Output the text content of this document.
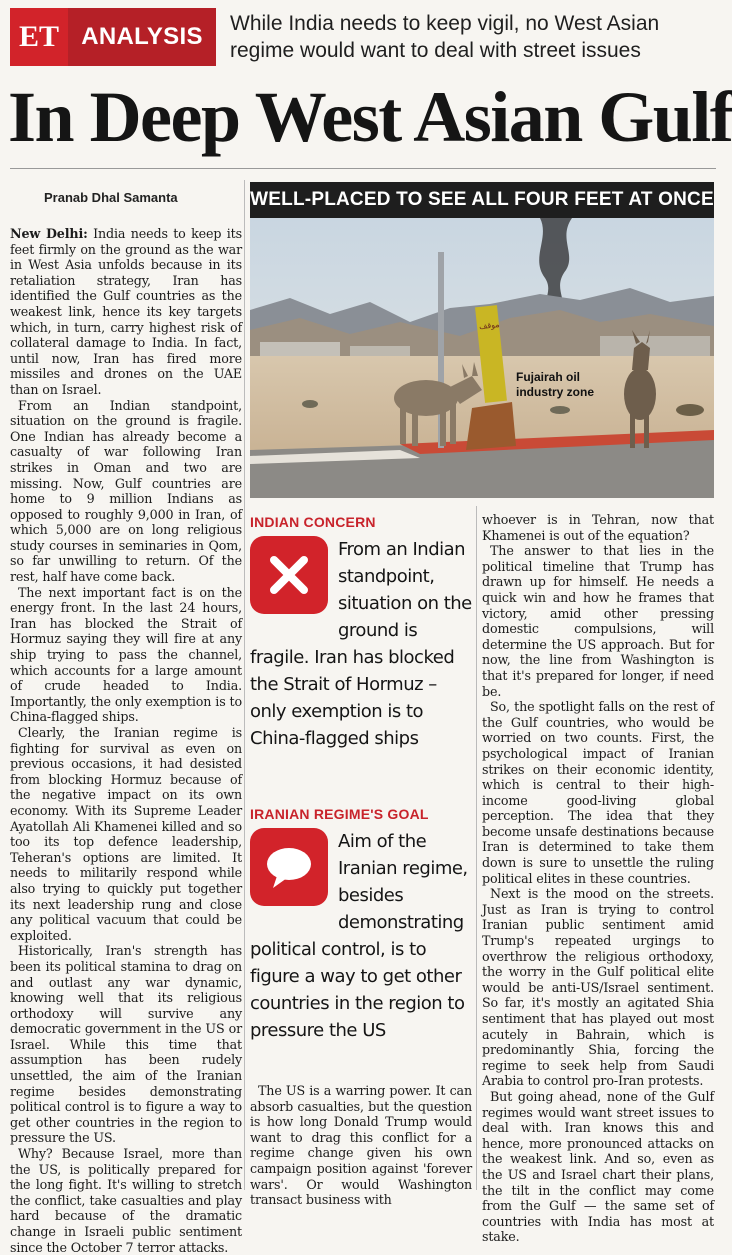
ET ANALYSIS	While India needs to keep vigil, no West Asian regime would want to deal with street issues
In Deep West Asian Gulf
Pranab Dhal Samanta

New Delhi: India needs to keep its feet firmly on the ground as the war in West Asia unfolds because in its retaliation strategy, Iran has identified the Gulf countries as the weakest link, hence its key targets which, in turn, carry highest risk of collateral damage to India. In fact, until now, Iran has fired more missiles and drones on the UAE than on Israel.

From an Indian standpoint, situation on the ground is fragile. One Indian has already become a casualty of war following Iran strikes in Oman and two are missing. Now, Gulf countries are home to 9 million Indians as opposed to roughly 9,000 in Iran, of which 5,000 are on long religious study courses in seminaries in Qom, so far unwilling to return. Of the rest, half have come back.

The next important fact is on the energy front. In the last 24 hours, Iran has blocked the Strait of Hormuz saying they will fire at any ship trying to pass the channel, which accounts for a large amount of crude headed to India. Importantly, the only exemption is to China-flagged ships.

Clearly, the Iranian regime is fighting for survival as even on previous occasions, it had desisted from blocking Hormuz because of the negative impact on its own economy. With its Supreme Leader Ayatollah Ali Khamenei killed and so too its top defence leadership, Teheran's options are limited. It needs to militarily respond while also trying to quickly put together its next leadership rung and close any political vacuum that could be exploited.

Historically, Iran's strength has been its political stamina to drag on and outlast any war dynamic, knowing well that its religious orthodoxy will survive any democratic government in the US or Israel. While this time that assumption has been rudely unsettled, the aim of the Iranian regime besides demonstrating political control is to figure a way to get other countries in the region to pressure the US.

Why? Because Israel, more than the US, is politically prepared for the long fight. It's willing to stretch the conflict, take casualties and play hard because of the dramatic change in Israeli public sentiment since the October 7 terror attacks.

WELL-PLACED TO SEE ALL FOUR FEET AT ONCE
موقف
Fujairah oil
industry zone
INDIAN CONCERN
From an Indian standpoint, situation on the ground is fragile. Iran has blocked the Strait of Hormuz – only exemption is to China-flagged ships
IRANIAN REGIME'S GOAL
Aim of the Iranian regime, besides demonstrating political control, is to figure a way to get other countries in the region to pressure the US

The US is a warring power. It can absorb casualties, but the question is how long Donald Trump would want to drag this conflict for a regime change given his own campaign position against 'forever wars'. Or would Washington transact business with

whoever is in Tehran, now that Khamenei is out of the equation?

The answer to that lies in the political timeline that Trump has drawn up for himself. He needs a quick win and how he frames that victory, amid other pressing domestic compulsions, will determine the US approach. But for now, the line from Washington is that it's prepared for longer, if need be.

So, the spotlight falls on the rest of the Gulf countries, who would be worried on two counts. First, the psychological impact of Iranian strikes on their economic identity, which is central to their high-income good-living global perception. The idea that they become unsafe destinations because Iran is determined to take them down is sure to unsettle the ruling political elites in these countries.

Next is the mood on the streets. Just as Iran is trying to control Iranian public sentiment amid Trump's repeated urgings to overthrow the religious orthodoxy, the worry in the Gulf political elite would be anti-US/Israel sentiment. So far, it's mostly an agitated Shia sentiment that has played out most acutely in Bahrain, which is predominantly Shia, forcing the regime to seek help from Saudi Arabia to control pro-Iran protests.

But going ahead, none of the Gulf regimes would want street issues to deal with. Iran knows this and hence, more pronounced attacks on the weakest link. And so, even as the US and Israel chart their plans, the tilt in the conflict may come from the Gulf — the same set of countries with India has most at stake.
